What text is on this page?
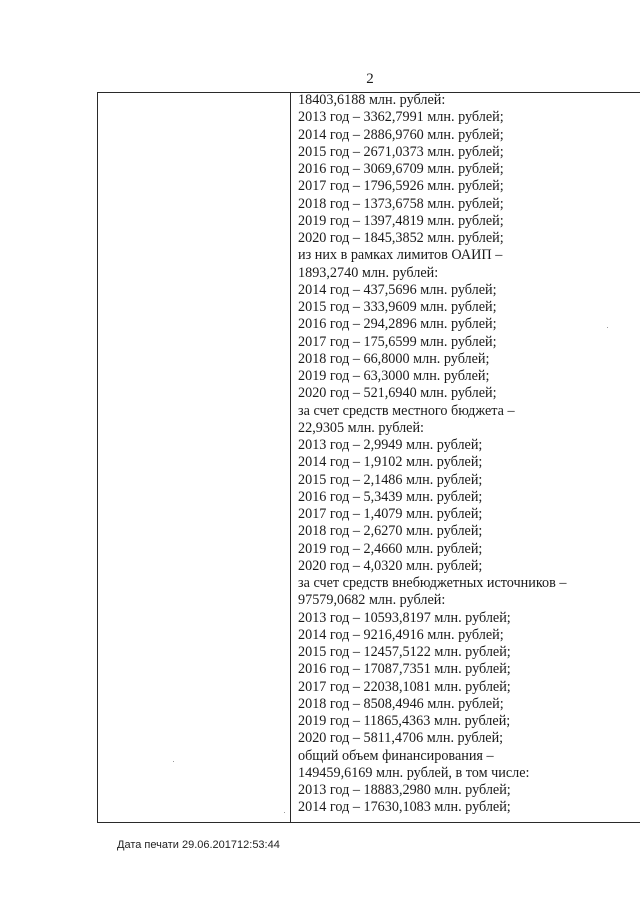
2
18403,6188 млн. рублей:
2013 год – 3362,7991 млн. рублей;
2014 год – 2886,9760 млн. рублей;
2015 год – 2671,0373 млн. рублей;
2016 год – 3069,6709 млн. рублей;
2017 год – 1796,5926 млн. рублей;
2018 год – 1373,6758 млн. рублей;
2019 год – 1397,4819 млн. рублей;
2020 год – 1845,3852 млн. рублей;
из них в рамках лимитов ОАИП –
1893,2740 млн. рублей:
2014 год – 437,5696 млн. рублей;
2015 год – 333,9609 млн. рублей;
2016 год – 294,2896 млн. рублей;
2017 год – 175,6599 млн. рублей;
2018 год – 66,8000 млн. рублей;
2019 год – 63,3000 млн. рублей;
2020 год – 521,6940 млн. рублей;
за счет средств местного бюджета –
22,9305 млн. рублей:
2013 год – 2,9949 млн. рублей;
2014 год – 1,9102 млн. рублей;
2015 год – 2,1486 млн. рублей;
2016 год – 5,3439 млн. рублей;
2017 год – 1,4079 млн. рублей;
2018 год – 2,6270 млн. рублей;
2019 год – 2,4660 млн. рублей;
2020 год – 4,0320 млн. рублей;
за счет средств внебюджетных источников –
97579,0682 млн. рублей:
2013 год – 10593,8197 млн. рублей;
2014 год – 9216,4916 млн. рублей;
2015 год – 12457,5122 млн. рублей;
2016 год – 17087,7351 млн. рублей;
2017 год – 22038,1081 млн. рублей;
2018 год – 8508,4946 млн. рублей;
2019 год – 11865,4363 млн. рублей;
2020 год – 5811,4706 млн. рублей;
общий объем финансирования –
149459,6169 млн. рублей, в том числе:
2013 год – 18883,2980 млн. рублей;
2014 год – 17630,1083 млн. рублей;
Дата печати 29.06.201712:53:44
